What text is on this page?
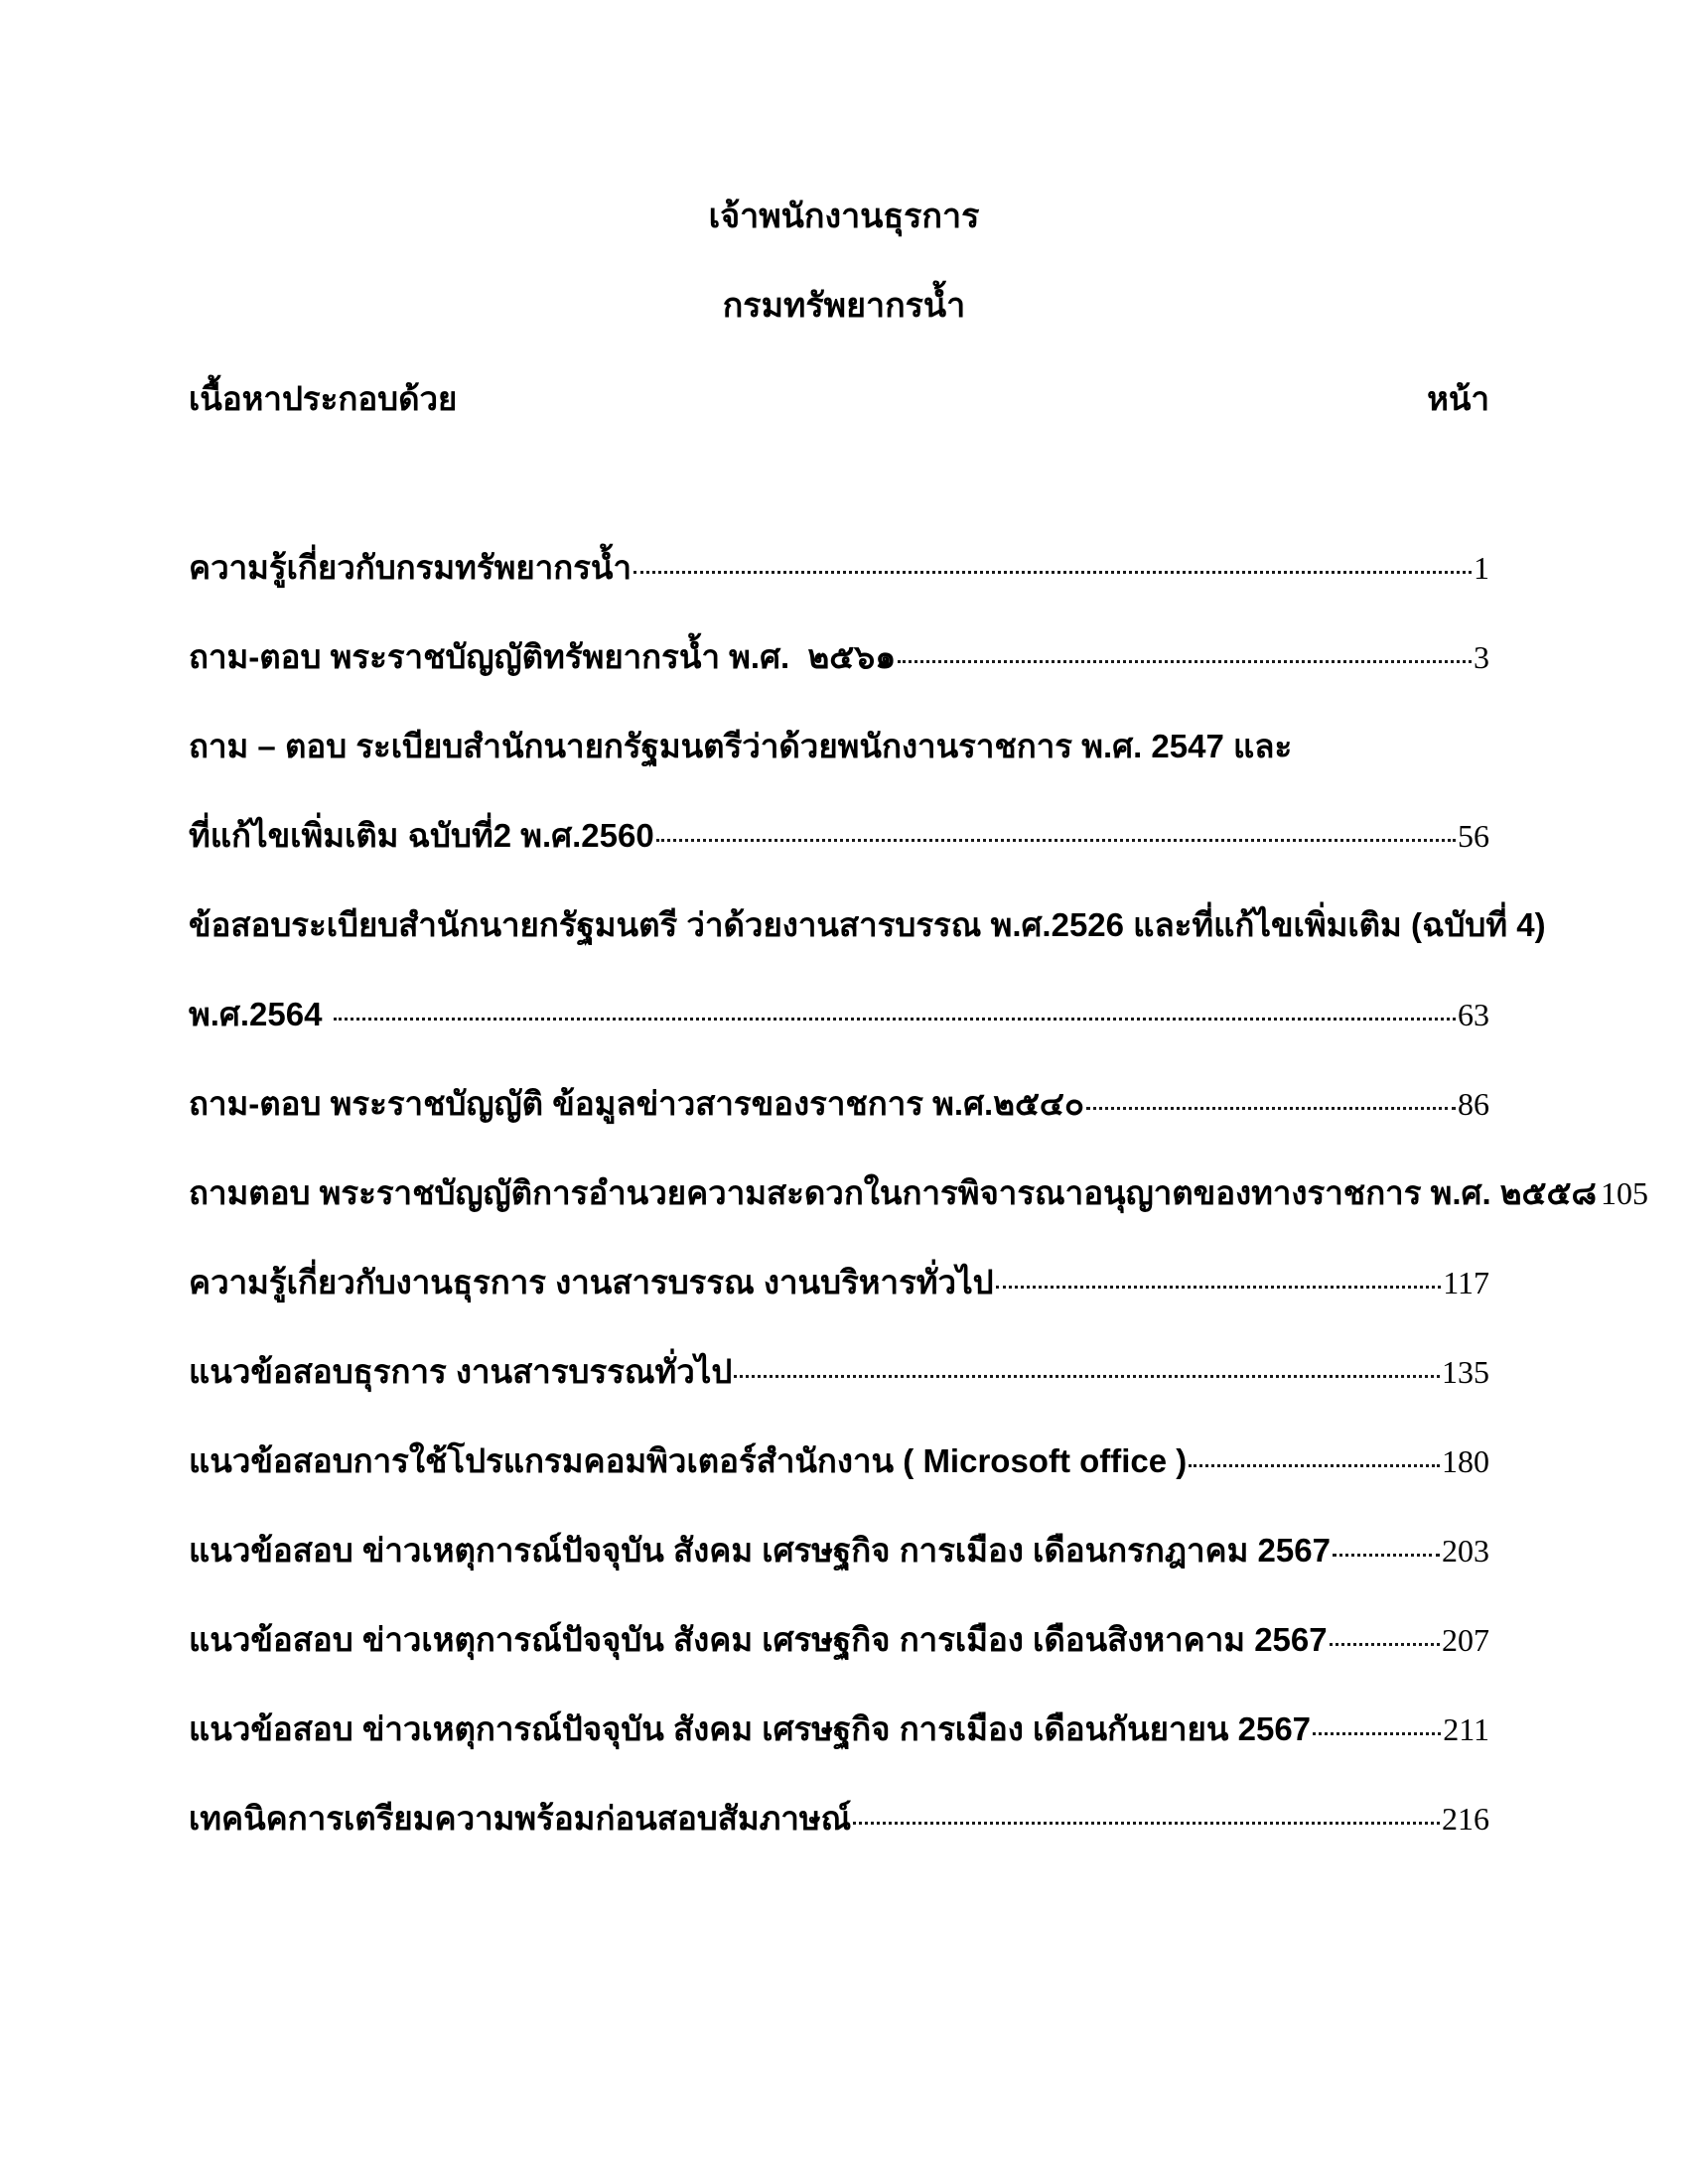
เจ้าพนักงานธุรการ
กรมทรัพยากรน้ำ
เนื้อหาประกอบด้วย	หน้า
ความรู้เกี่ยวกับกรมทรัพยากรน้ำ	1
ถาม-ตอบ พระราชบัญญัติทรัพยากรน้ำ พ.ศ.  ๒๕๖๑	3
ถาม – ตอบ ระเบียบสำนักนายกรัฐมนตรีว่าด้วยพนักงานราชการ พ.ศ. 2547 และ
ที่แก้ไขเพิ่มเติม ฉบับที่2 พ.ศ.2560	56
ข้อสอบระเบียบสำนักนายกรัฐมนตรี ว่าด้วยงานสารบรรณ พ.ศ.2526 และที่แก้ไขเพิ่มเติม (ฉบับที่ 4)
พ.ศ.2564	63
ถาม-ตอบ พระราชบัญญัติ ข้อมูลข่าวสารของราชการ พ.ศ.๒๕๔๐	86
ถามตอบ พระราชบัญญัติการอำนวยความสะดวกในการพิจารณาอนุญาตของทางราชการ พ.ศ. ๒๕๕๘ 105
ความรู้เกี่ยวกับงานธุรการ งานสารบรรณ งานบริหารทั่วไป	117
แนวข้อสอบธุรการ งานสารบรรณทั่วไป	135
แนวข้อสอบการใช้โปรแกรมคอมพิวเตอร์สำนักงาน ( Microsoft office )	180
แนวข้อสอบ ข่าวเหตุการณ์ปัจจุบัน สังคม เศรษฐกิจ การเมือง เดือนกรกฎาคม 2567	203
แนวข้อสอบ ข่าวเหตุการณ์ปัจจุบัน สังคม เศรษฐกิจ การเมือง เดือนสิงหาคาม 2567	207
แนวข้อสอบ ข่าวเหตุการณ์ปัจจุบัน สังคม เศรษฐกิจ การเมือง เดือนกันยายน 2567	211
เทคนิคการเตรียมความพร้อมก่อนสอบสัมภาษณ์	216
